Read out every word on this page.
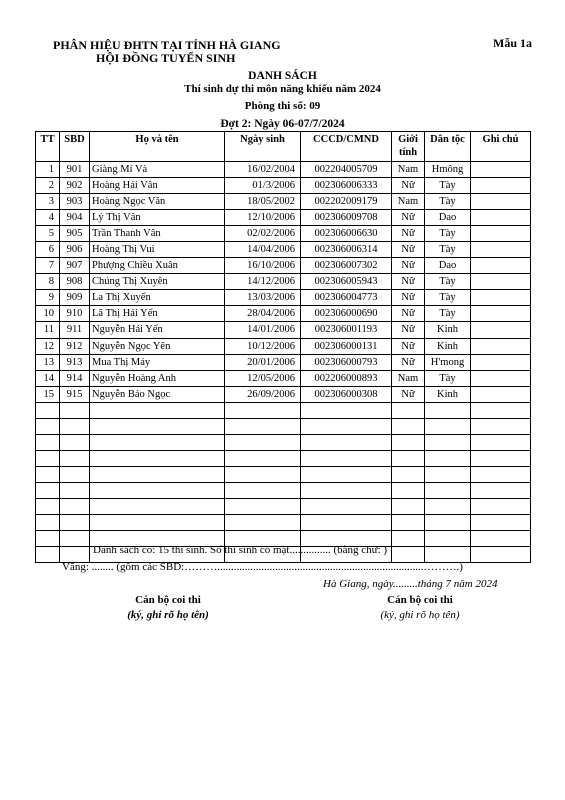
PHÂN HIỆU ĐHTN TẠI TỈNH HÀ GIANG
HỘI ĐỒNG TUYỂN SINH
Mẫu 1a
DANH SÁCH
Thí sinh dự thi môn năng khiếu năm 2024
Phòng thi số: 09
Đợt 2: Ngày 06-07/7/2024
TT	SBD	Họ và tên	Ngày sinh	CCCD/CMND	Giới tính	Dân tộc	Ghi chú
1	901	Giàng Mí Và	16/02/2004	002204005709	Nam	Hmông	
2	902	Hoàng Hải Vân	01/3/2006	002306006333	Nữ	Tày	
3	903	Hoàng Ngọc Văn	18/05/2002	002202009179	Nam	Tày	
4	904	Lý Thị Vân	12/10/2006	002306009708	Nữ	Dao	
5	905	Trần Thanh Vân	02/02/2006	002306006630	Nữ	Tày	
6	906	Hoàng Thị Vui	14/04/2006	002306006314	Nữ	Tày	
7	907	Phượng Chiều Xuân	16/10/2006	002306007302	Nữ	Dao	
8	908	Chúng Thị Xuyên	14/12/2006	002306005943	Nữ	Tày	
9	909	La Thị Xuyến	13/03/2006	002306004773	Nữ	Tày	
10	910	Lã Thị Hải Yến	28/04/2006	002306000690	Nữ	Tày	
11	911	Nguyễn Hải Yến	14/01/2006	002306001193	Nữ	Kinh	
12	912	Nguyễn Ngọc Yên	10/12/2006	002306000131	Nữ	Kinh	
13	913	Mua Thị Máy	20/01/2006	002306000793	Nữ	H'mong	
14	914	Nguyễn Hoàng Anh	12/05/2006	002206000893	Nam	Tày	
15	915	Nguyễn Bảo Ngọc	26/09/2006	002306000308	Nữ	Kinh	

Danh sách có: 15 thí sinh. Số thí sinh có mặt............... (bằng chữ: )
Vắng: ........ (gồm các SBD:………...........................................................................……….)
Hà Giang, ngày.........tháng 7 năm 2024
Cán bộ coi thi
(ký, ghi rõ họ tên)
Cán bộ coi thi
(ký, ghi rõ họ tên)
